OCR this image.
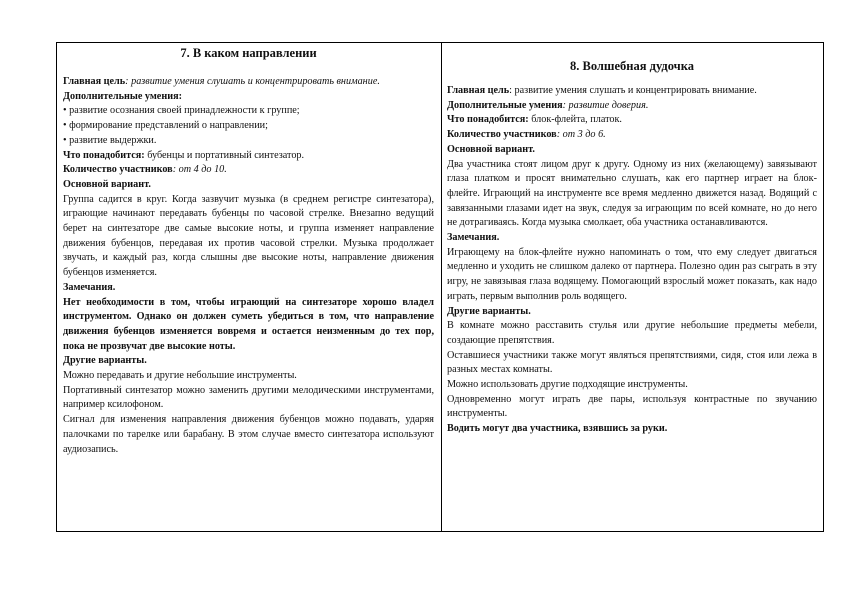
7. В каком направлении

Главная цель: развитие умения слушать и концентрировать внимание.

Дополнительные умения:

• развитие осознания своей принадлежности к группе;

• формирование представлений о направлении;

• развитие выдержки.

Что понадобится: бубенцы и портативный синтезатор.

Количество участников: от 4 до 10.

Основной вариант.

Группа садится в круг. Когда зазвучит музыка (в среднем регистре синтезатора), играющие начинают передавать бубенцы по часовой стрелке. Внезапно ведущий берет на синтезаторе две самые высокие ноты, и группа изменяет направление движения бубенцов, передавая их против часовой стрелки. Музыка продолжает звучать, и каждый раз, когда слышны две высокие ноты, направление движения бубенцов изменяется.

Замечания.

Нет необходимости в том, чтобы играющий на синтезаторе хорошо владел инструментом. Однако он должен суметь убедиться в том, что направление движения бубенцов изменяется вовремя и остается неизменным до тех пор, пока не прозвучат две высокие ноты.

Другие варианты.

Можно передавать и другие небольшие инструменты.

Портативный синтезатор можно заменить другими мелодическими инструментами, например ксилофоном.

Сигнал для изменения направления движения бубенцов можно подавать, ударяя палочками по тарелке или барабану. В этом случае вместо синтезатора используют аудиозапись.

8. Волшебная дудочка

Главная цель: развитие умения слушать и концентрировать внимание.

Дополнительные умения: развитие доверия.

Что понадобится: блок-флейта, платок.

Количество участников: от 3 до 6.

Основной вариант.

Два участника стоят лицом друг к другу. Одному из них (желающему) завязывают глаза платком и просят внимательно слушать, как его партнер играет на блок-флейте. Играющий на инструменте все время медленно движется назад. Водящий с завязанными глазами идет на звук, следуя за играющим по всей комнате, но до него не дотрагиваясь. Когда музыка смолкает, оба участника останавливаются.

Замечания.

Играющему на блок-флейте нужно напоминать о том, что ему следует двигаться медленно и уходить не слишком далеко от партнера. Полезно один раз сыграть в эту игру, не завязывая глаза водящему. Помогающий взрослый может показать, как надо играть, первым выполнив роль водящего.

Другие варианты.

В комнате можно расставить стулья или другие небольшие предметы мебели, создающие препятствия.

Оставшиеся участники также могут являться препятствиями, сидя, стоя или лежа в разных местах комнаты.

Можно использовать другие подходящие инструменты.

Одновременно могут играть две пары, используя контрастные по звучанию инструменты.

Водить могут два участника, взявшись за руки.
